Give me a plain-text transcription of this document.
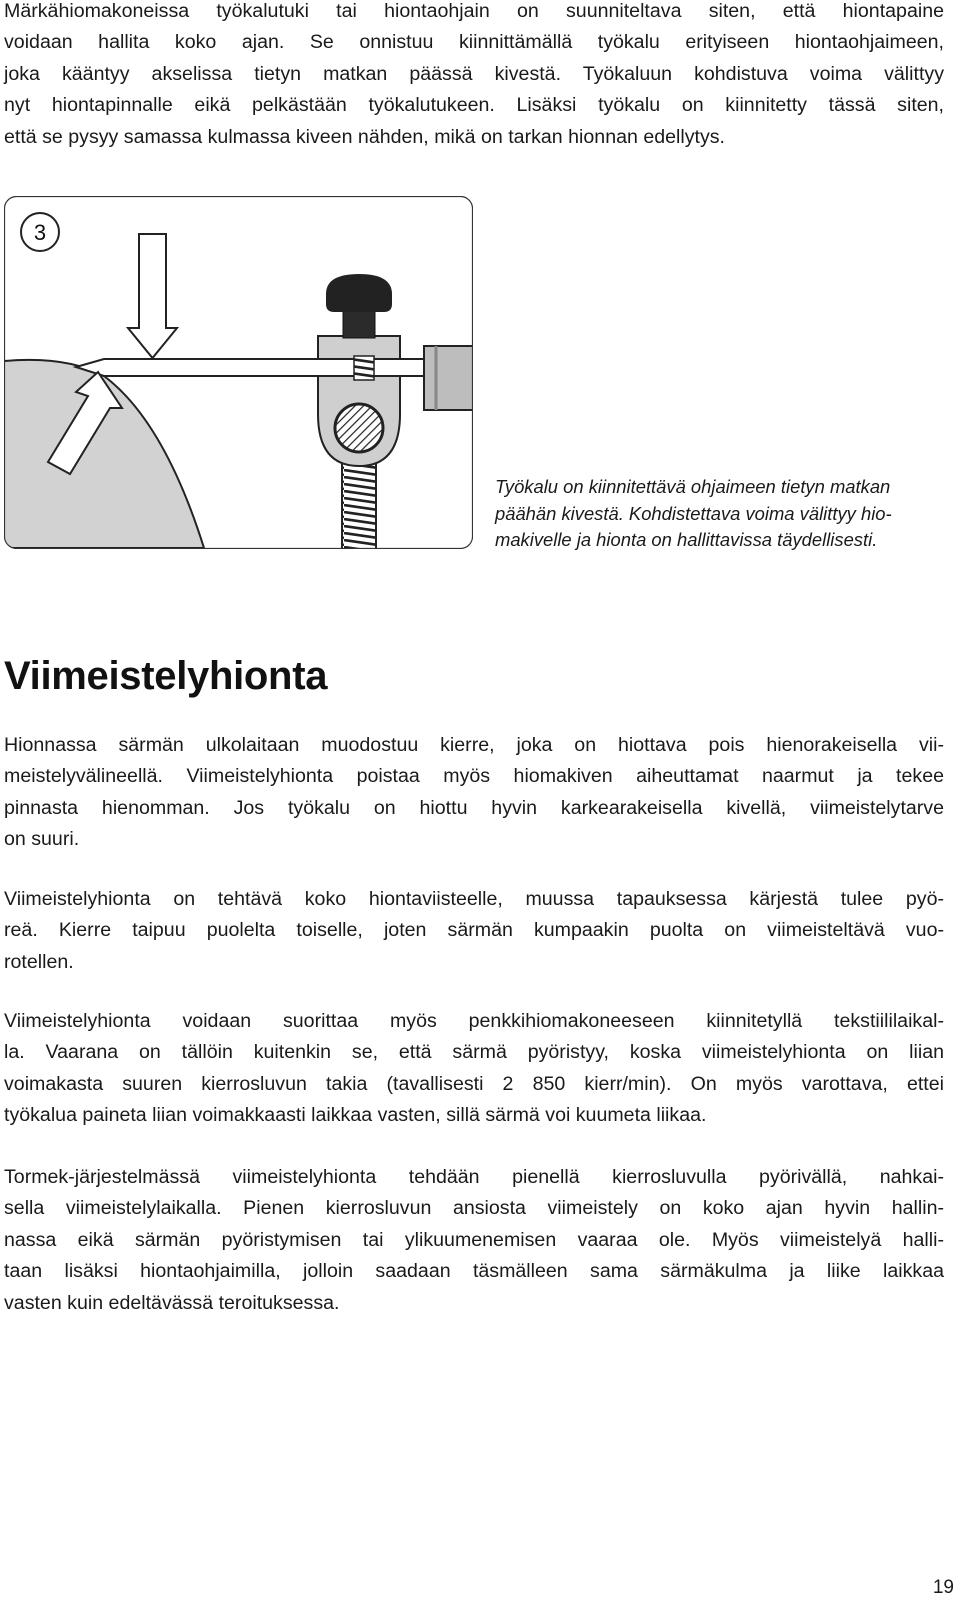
Märkähiomakoneissa työkalutuki tai hiontaohjain on suunniteltava siten, että hiontapaine
voidaan hallita koko ajan. Se onnistuu kiinnittämällä työkalu erityiseen hiontaohjaimeen,
joka kääntyy akselissa tietyn matkan päässä kivestä. Työkaluun kohdistuva voima välittyy
nyt hiontapinnalle eikä pelkästään työkalutukeen. Lisäksi työkalu on kiinnitetty tässä siten,
että se pysyy samassa kulmassa kiveen nähden, mikä on tarkan hionnan edellytys.

3

Työkalu on kiinnitettävä ohjaimeen tietyn matkan
päähän kivestä. Kohdistettava voima välittyy hio-
makivelle ja hionta on hallittavissa täydellisesti.

Viimeistelyhionta

Hionnassa särmän ulkolaitaan muodostuu kierre, joka on hiottava pois hienorakeisella vii-
meistelyvälineellä. Viimeistelyhionta poistaa myös hiomakiven aiheuttamat naarmut ja tekee
pinnasta hienomman. Jos työkalu on hiottu hyvin karkearakeisella kivellä, viimeistelytarve
on suuri.

Viimeistelyhionta on tehtävä koko hiontaviisteelle, muussa tapauksessa kärjestä tulee pyö-
reä. Kierre taipuu puolelta toiselle, joten särmän kumpaakin puolta on viimeisteltävä vuo-
rotellen.

Viimeistelyhionta voidaan suorittaa myös penkkihiomakoneeseen kiinnitetyllä tekstiililaikal-
la. Vaarana on tällöin kuitenkin se, että särmä pyöristyy, koska viimeistelyhionta on liian
voimakasta suuren kierrosluvun takia (tavallisesti 2 850 kierr/min). On myös varottava, ettei
työkalua paineta liian voimakkaasti laikkaa vasten, sillä särmä voi kuumeta liikaa.

Tormek-järjestelmässä viimeistelyhionta tehdään pienellä kierrosluvulla pyörivällä, nahkai-
sella viimeistelylaikalla. Pienen kierrosluvun ansiosta viimeistely on koko ajan hyvin hallin-
nassa eikä särmän pyöristymisen tai ylikuumenemisen vaaraa ole. Myös viimeistelyä halli-
taan lisäksi hiontaohjaimilla, jolloin saadaan täsmälleen sama särmäkulma ja liike laikkaa
vasten kuin edeltävässä teroituksessa.

19
